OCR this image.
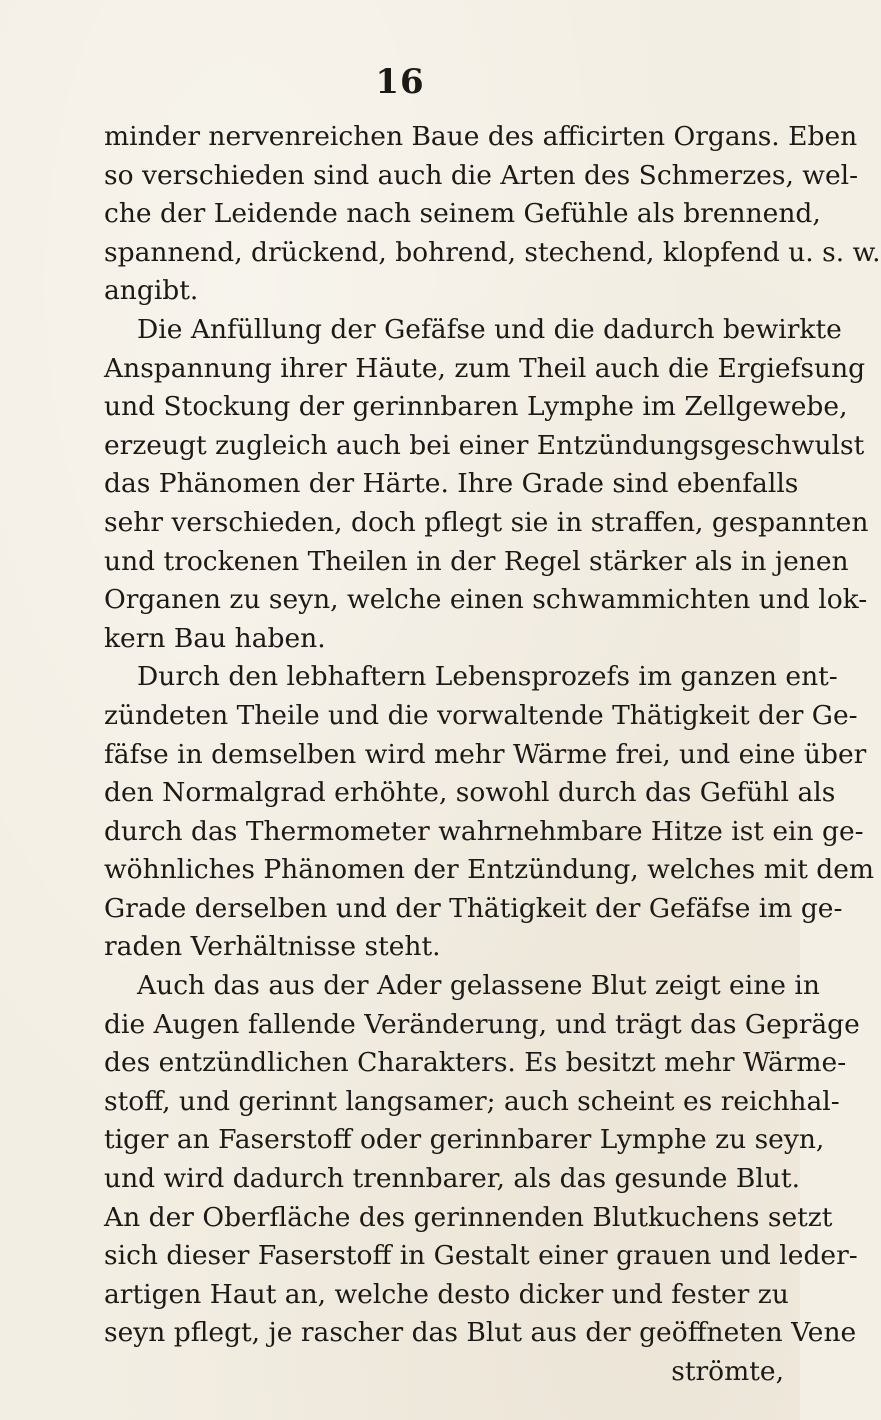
16
minder nervenreichen Baue des afficirten Organs. Eben
so verschieden sind auch die Arten des Schmerzes, wel-
che der Leidende nach seinem Gefühle als brennend,
spannend, drückend, bohrend, stechend, klopfend u. s. w.
angibt.
Die Anfüllung der Gefäfse und die dadurch bewirkte
Anspannung ihrer Häute, zum Theil auch die Ergiefsung
und Stockung der gerinnbaren Lymphe im Zellgewebe,
erzeugt zugleich auch bei einer Entzündungsgeschwulst
das Phänomen der Härte. Ihre Grade sind ebenfalls
sehr verschieden, doch pflegt sie in straffen, gespannten
und trockenen Theilen in der Regel stärker als in jenen
Organen zu seyn, welche einen schwammichten und lok-
kern Bau haben.
Durch den lebhaftern Lebensprozefs im ganzen ent-
zündeten Theile und die vorwaltende Thätigkeit der Ge-
fäfse in demselben wird mehr Wärme frei, und eine über
den Normalgrad erhöhte, sowohl durch das Gefühl als
durch das Thermometer wahrnehmbare Hitze ist ein ge-
wöhnliches Phänomen der Entzündung, welches mit dem
Grade derselben und der Thätigkeit der Gefäfse im ge-
raden Verhältnisse steht.
Auch das aus der Ader gelassene Blut zeigt eine in
die Augen fallende Veränderung, und trägt das Gepräge
des entzündlichen Charakters. Es besitzt mehr Wärme-
stoff, und gerinnt langsamer; auch scheint es reichhal-
tiger an Faserstoff oder gerinnbarer Lymphe zu seyn,
und wird dadurch trennbarer, als das gesunde Blut.
An der Oberfläche des gerinnenden Blutkuchens setzt
sich dieser Faserstoff in Gestalt einer grauen und leder-
artigen Haut an, welche desto dicker und fester zu
seyn pflegt, je rascher das Blut aus der geöffneten Vene
strömte,
